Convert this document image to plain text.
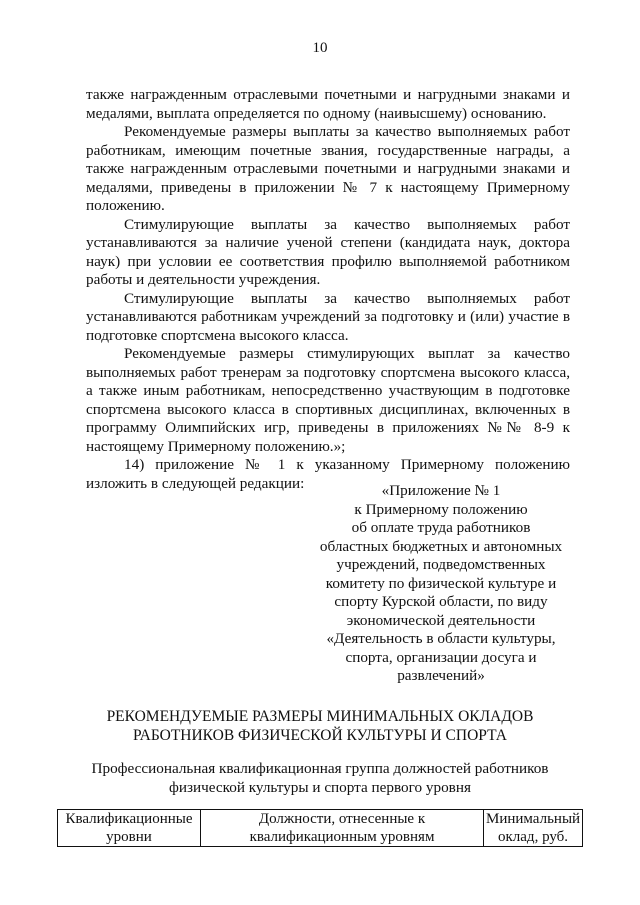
10

также награжденным отраслевыми почетными и нагрудными знаками и медалями, выплата определяется по одному (наивысшему) основанию.

Рекомендуемые размеры выплаты за качество выполняемых работ работникам, имеющим почетные звания, государственные награды, а также награжденным отраслевыми почетными и нагрудными знаками и медалями, приведены в приложении № 7 к настоящему Примерному положению.

Стимулирующие выплаты за качество выполняемых работ устанавливаются за наличие ученой степени (кандидата наук, доктора наук) при условии ее соответствия профилю выполняемой работником работы и деятельности учреждения.

Стимулирующие выплаты за качество выполняемых работ устанавливаются работникам учреждений за подготовку и (или) участие в подготовке спортсмена высокого класса.

Рекомендуемые размеры стимулирующих выплат за качество выполняемых работ тренерам за подготовку спортсмена высокого класса, а также иным работникам, непосредственно участвующим в подготовке спортсмена высокого класса в спортивных дисциплинах, включенных в программу Олимпийских игр, приведены в приложениях №№ 8-9 к настоящему Примерному положению.»;

14) приложение № 1 к указанному Примерному положению изложить в следующей редакции:	«Приложение № 1
к Примерному положению
об оплате труда работников
областных бюджетных и автономных
учреждений, подведомственных
комитету по физической культуре и
спорту Курской области, по виду
экономической деятельности
«Деятельность в области культуры,
спорта, организации досуга и
развлечений»
РЕКОМЕНДУЕМЫЕ РАЗМЕРЫ МИНИМАЛЬНЫХ ОКЛАДОВ
РАБОТНИКОВ ФИЗИЧЕСКОЙ КУЛЬТУРЫ И СПОРТА
Профессиональная квалификационная группа должностей работников физической культуры и спорта первого уровня
Квалификационные
уровни

Должности, отнесенные к
квалификационным уровням

Минимальный
оклад, руб.
